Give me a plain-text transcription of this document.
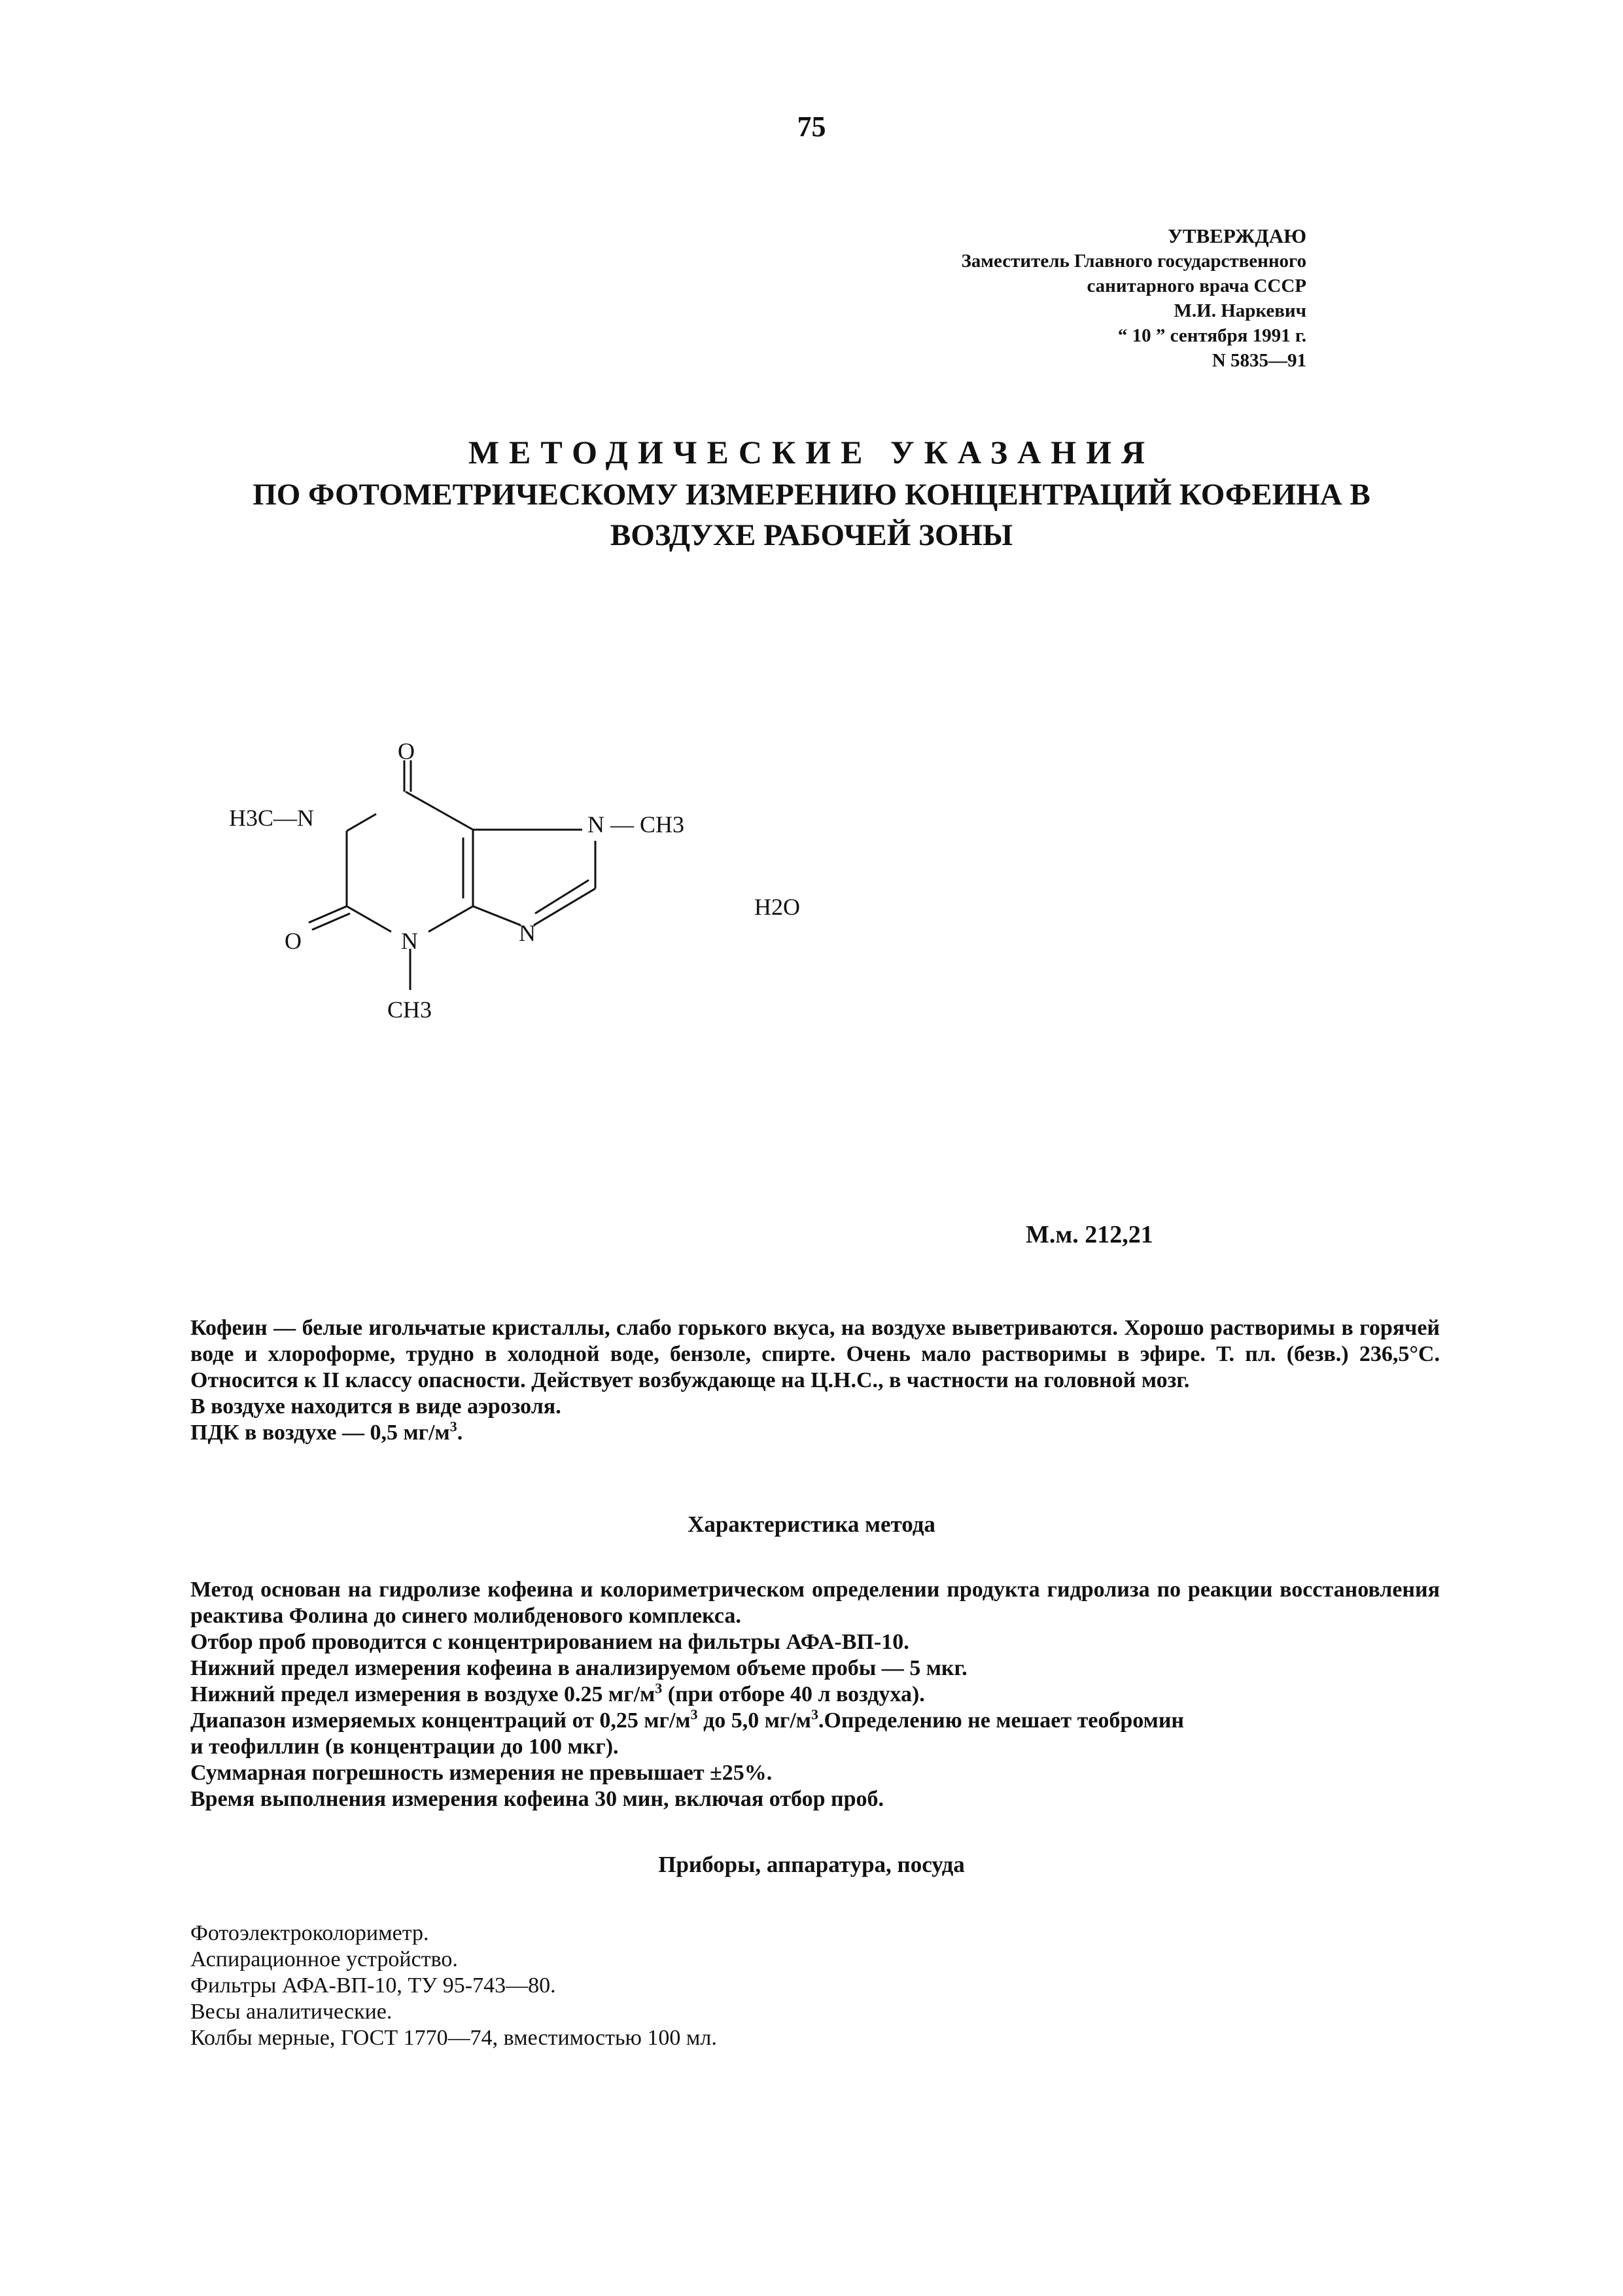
75
УТВЕРЖДАЮ
Заместитель Главного государственного
санитарного врача СССР
М.И. Наркевич
“ 10 ” сентября 1991 г.
N 5835—91
МЕТОДИЧЕСКИЕ УКАЗАНИЯ
ПО ФОТОМЕТРИЧЕСКОМУ ИЗМЕРЕНИЮ КОНЦЕНТРАЦИЙ КОФЕИНА В
ВОЗДУХЕ РАБОЧЕЙ ЗОНЫ
O
H3C—N	N — CH3
O	N	N
CH3
H2O
М.м. 212,21
Кофеин — белые игольчатые кристаллы, слабо горького вкуса, на воздухе выветриваются. Хорошо растворимы в горячей воде и хлороформе, трудно в холодной воде, бензоле, спирте. Очень мало растворимы в эфире. Т. пл. (безв.) 236,5°С. Относится к II классу опасности. Действует возбуждающе на Ц.Н.С., в частности на головной мозг.
В воздухе находится в виде аэрозоля.
ПДК в воздухе — 0,5 $мг/м^3$.
Характеристика метода
Метод основан на гидролизе кофеина и колориметрическом определении продукта гидролиза по реакции восстановления реактива Фолина до синего молибденового комплекса.
Отбор проб проводится с концентрированием на фильтры АФА-ВП-10.
Нижний предел измерения кофеина в анализируемом объеме пробы — 5 мкг.
Нижний предел измерения в воздухе 0.25 $мг/м^3$ (при отборе 40 л воздуха).
Диапазон измеряемых концентраций от 0,25 $мг/м^3$ до 5,0 $мг/м^3.Определению$ не мешает теобромин
и теофиллин (в концентрации до 100 мкг).
Суммарная погрешность измерения не превышает ±25%.
Время выполнения измерения кофеина 30 мин, включая отбор проб.
Приборы, аппаратура, посуда
Фотоэлектроколориметр.
Аспирационное устройство.
Фильтры АФА-ВП-10, ТУ 95-743—80.
Весы аналитические.
Колбы мерные, ГОСТ 1770—74, вместимостью 100 мл.
